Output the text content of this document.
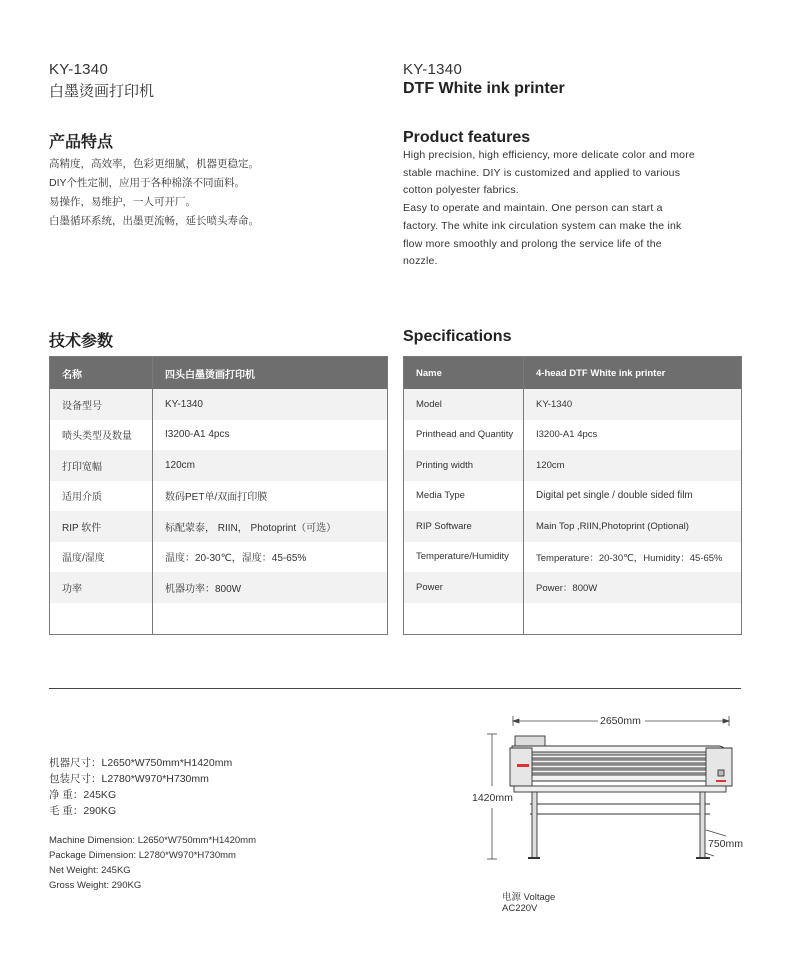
KY-1340
白墨烫画打印机
KY-1340
DTF White ink printer
产品特点
高精度，高效率，色彩更细腻，机器更稳定。
DIY个性定制，应用于各种棉涤不同面料。
易操作，易维护，一人可开厂。
白墨循环系统，出墨更流畅，延长喷头寿命。
Product features
High precision, high efficiency, more delicate color and more
stable machine. DIY is customized and applied to various
cotton polyester fabrics.
Easy to operate and maintain. One person can start a
factory. The white ink circulation system can make the ink
flow more smoothly and prolong the service life of the
nozzle.
技术参数	Specifications
名称	四头白墨烫画打印机
设备型号	KY-1340
喷头类型及数量	I3200-A1 4pcs
打印宽幅	120cm
适用介质	数码PET单/双面打印膜
RIP 软件	标配蒙泰， RIIN， Photoprint（可选）
温度/湿度	温度：20-30℃，湿度：45-65%
功率	机器功率：800W

Name	4-head DTF White ink printer
Model	KY-1340
Printhead and Quantity	I3200-A1 4pcs
Printing width	120cm
Media Type	Digital pet single / double sided film
RIP Software	Main Top ,RIIN,Photoprint (Optional)
Temperature/Humidity	Temperature：20-30℃，Humidity：45-65%
Power	Power：800W

机器尺寸：L2650*W750mm*H1420mm
包装尺寸：L2780*W970*H730mm
净 重：245KG
毛 重：290KG
Machine Dimension: L2650*W750mm*H1420mm
Package Dimension: L2780*W970*H730mm
Net Weight: 245KG
Gross Weight: 290KG
2650mm
1420mm
750mm
电源 Voltage
AC220V
